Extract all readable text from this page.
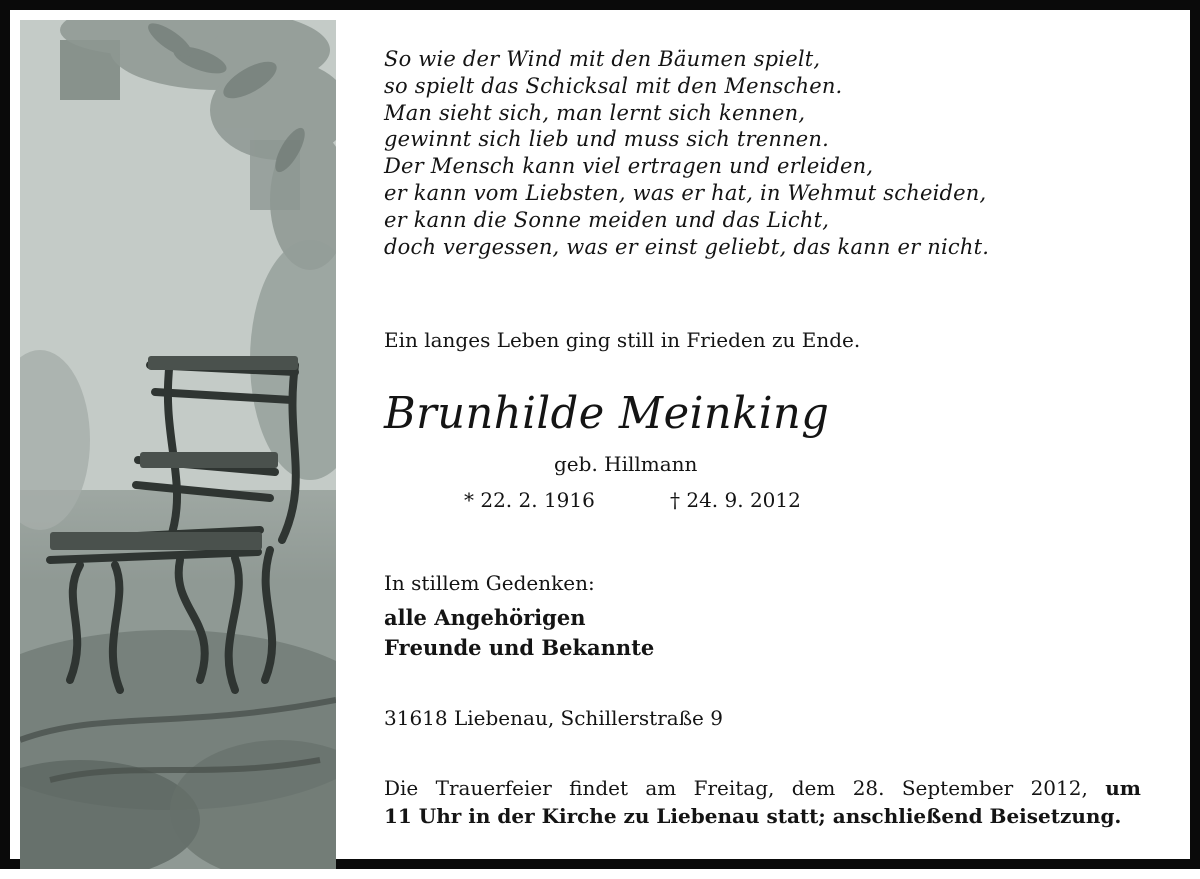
So wie der Wind mit den Bäumen spielt,
so spielt das Schicksal mit den Menschen.
Man sieht sich, man lernt sich kennen,
gewinnt sich lieb und muss sich trennen.
Der Mensch kann viel ertragen und erleiden,
er kann vom Liebsten, was er hat, in Wehmut scheiden,
er kann die Sonne meiden und das Licht,
doch vergessen, was er einst geliebt, das kann er nicht.
Ein langes Leben ging still in Frieden zu Ende.
Brunhilde Meinking
geb. Hillmann
* 22. 2. 1916	† 24. 9. 2012
In stillem Gedenken:
alle Angehörigen
Freunde und Bekannte
31618 Liebenau, Schillerstraße 9
Die Trauerfeier findet am Freitag, dem 28. September 2012, um
11 Uhr in der Kirche zu Liebenau statt; anschließend Beisetzung.
